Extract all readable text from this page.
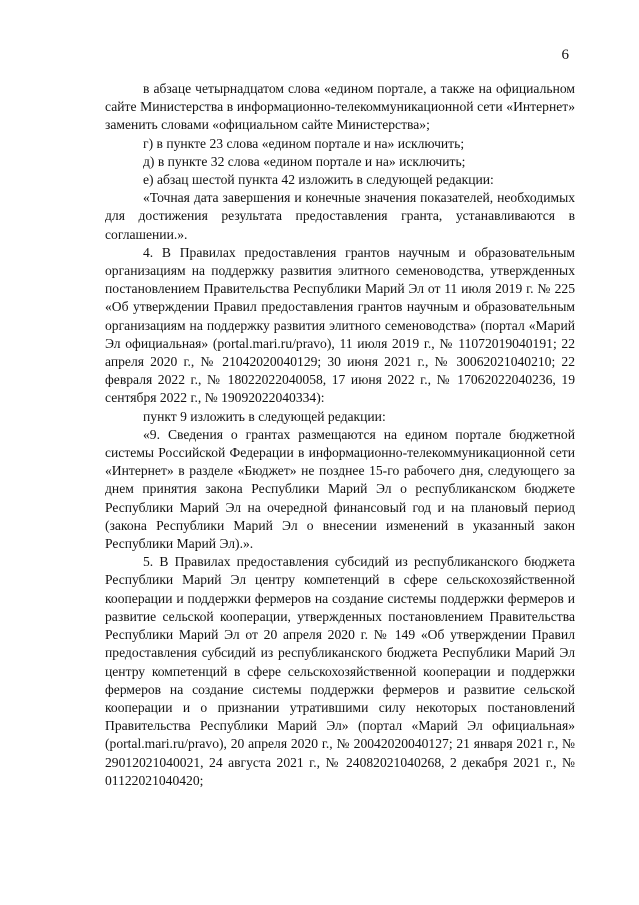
6

в абзаце четырнадцатом слова «едином портале, а также на официальном сайте Министерства в информационно-телекоммуникационной сети «Интернет» заменить словами «официальном сайте Министерства»;

г) в пункте 23 слова «едином портале и на» исключить;

д) в пункте 32 слова «едином портале и на» исключить;

е) абзац шестой пункта 42 изложить в следующей редакции:

«Точная дата завершения и конечные значения показателей, необходимых для достижения результата предоставления гранта, устанавливаются в соглашении.».

4. В Правилах предоставления грантов научным и образовательным организациям на поддержку развития элитного семеноводства, утвержденных постановлением Правительства Республики Марий Эл от 11 июля 2019 г. № 225 «Об утверждении Правил предоставления грантов научным и образовательным организациям на поддержку развития элитного семеноводства» (портал «Марий Эл официальная» (portal.mari.ru/pravo), 11 июля 2019 г., № 11072019040191; 22 апреля 2020 г., № 21042020040129; 30 июня 2021 г., № 30062021040210; 22 февраля 2022 г., № 18022022040058, 17 июня 2022 г., № 17062022040236, 19 сентября 2022 г., № 19092022040334):

пункт 9 изложить в следующей редакции:

«9. Сведения о грантах размещаются на едином портале бюджетной системы Российской Федерации в информационно-телекоммуникационной сети «Интернет» в разделе «Бюджет» не позднее 15-го рабочего дня, следующего за днем принятия закона Республики Марий Эл о республиканском бюджете Республики Марий Эл на очередной финансовый год и на плановый период (закона Республики Марий Эл о внесении изменений в указанный закон Республики Марий Эл).».

5. В Правилах предоставления субсидий из республиканского бюджета Республики Марий Эл центру компетенций в сфере сельскохозяйственной кооперации и поддержки фермеров на создание системы поддержки фермеров и развитие сельской кооперации, утвержденных постановлением Правительства Республики Марий Эл от 20 апреля 2020 г. № 149 «Об утверждении Правил предоставления субсидий из республиканского бюджета Республики Марий Эл центру компетенций в сфере сельскохозяйственной кооперации и поддержки фермеров на создание системы поддержки фермеров и развитие сельской кооперации и о признании утратившими силу некоторых постановлений Правительства Республики Марий Эл» (портал «Марий Эл официальная» (portal.mari.ru/pravo), 20 апреля 2020 г., № 20042020040127; 21 января 2021 г., № 29012021040021, 24 августа 2021 г., № 24082021040268, 2 декабря 2021 г., № 01122021040420;
